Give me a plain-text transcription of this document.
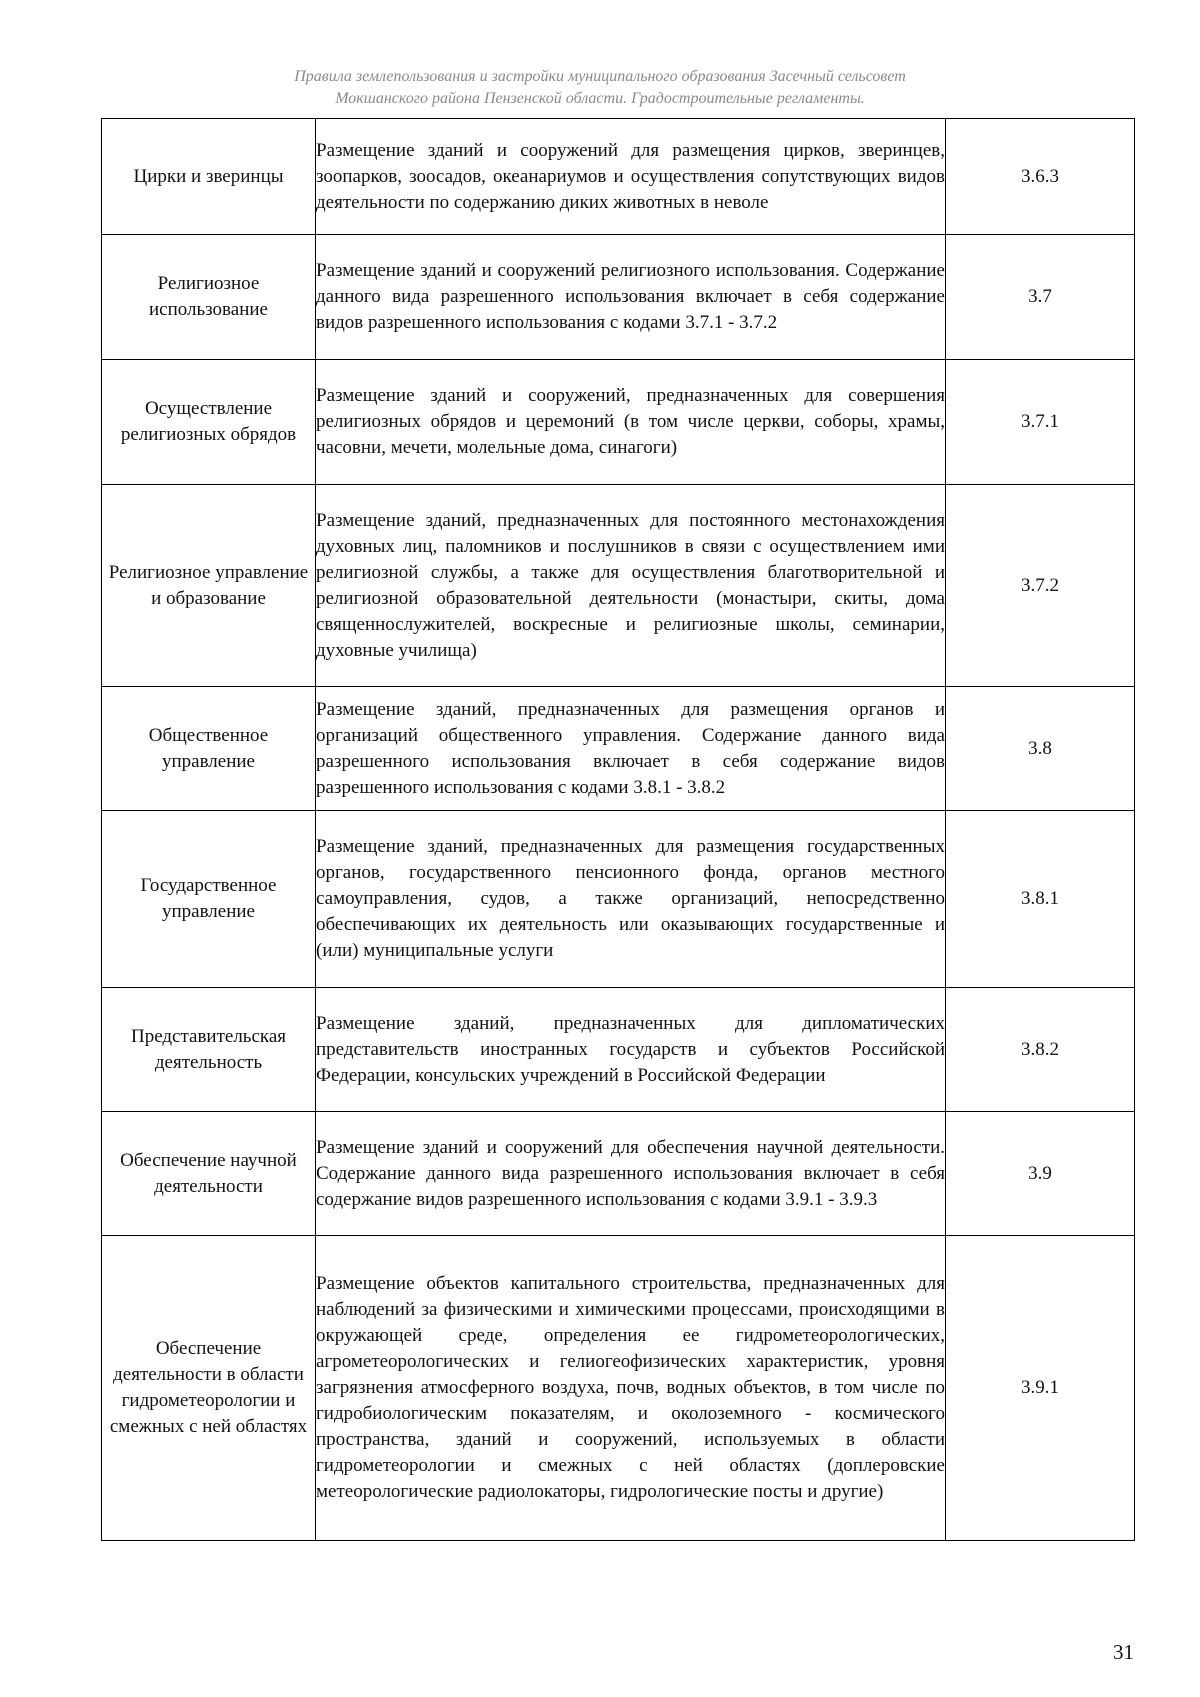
Правила землепользования и застройки муниципального образования Засечный сельсовет
Мокшанского района Пензенской области. Градостроительные регламенты.
Цирки и зверинцы	Размещение зданий и сооружений для размещения цирков, зверинцев, зоопарков, зоосадов, океанариумов и осуществления сопутствующих видов деятельности по содержанию диких животных в неволе	3.6.3
Религиозное использование	Размещение зданий и сооружений религиозного использования. Содержание данного вида разрешенного использования включает в себя содержание видов разрешенного использования с кодами 3.7.1 - 3.7.2	3.7
Осуществление религиозных обрядов	Размещение зданий и сооружений, предназначенных для совершения религиозных обрядов и церемоний (в том числе церкви, соборы, храмы, часовни, мечети, молельные дома, синагоги)	3.7.1
Религиозное управление и образование	Размещение зданий, предназначенных для постоянного местонахождения духовных лиц, паломников и послушников в связи с осуществлением ими религиозной службы, а также для осуществления благотворительной и религиозной образовательной деятельности (монастыри, скиты, дома священнослужителей, воскресные и религиозные школы, семинарии, духовные училища)	3.7.2
Общественное управление	Размещение зданий, предназначенных для размещения органов и организаций общественного управления. Содержание данного вида разрешенного использования включает в себя содержание видов разрешенного использования с кодами 3.8.1 - 3.8.2	3.8
Государственное управление	Размещение зданий, предназначенных для размещения государственных органов, государственного пенсионного фонда, органов местного самоуправления, судов, а также организаций, непосредственно обеспечивающих их деятельность или оказывающих государственные и (или) муниципальные услуги	3.8.1
Представительская деятельность	Размещение зданий, предназначенных для дипломатических представительств иностранных государств и субъектов Российской Федерации, консульских учреждений в Российской Федерации	3.8.2
Обеспечение научной деятельности	Размещение зданий и сооружений для обеспечения научной деятельности. Содержание данного вида разрешенного использования включает в себя содержание видов разрешенного использования с кодами 3.9.1 - 3.9.3	3.9
Обеспечение деятельности в области гидрометеорологии и смежных с ней областях	Размещение объектов капитального строительства, предназначенных для наблюдений за физическими и химическими процессами, происходящими в окружающей среде, определения ее гидрометеорологических, агрометеорологических и гелиогеофизических характеристик, уровня загрязнения атмосферного воздуха, почв, водных объектов, в том числе по гидробиологическим показателям, и околоземного - космического пространства, зданий и сооружений, используемых в области гидрометеорологии и смежных с ней областях (доплеровские метеорологические радиолокаторы, гидрологические посты и другие)	3.9.1
31
